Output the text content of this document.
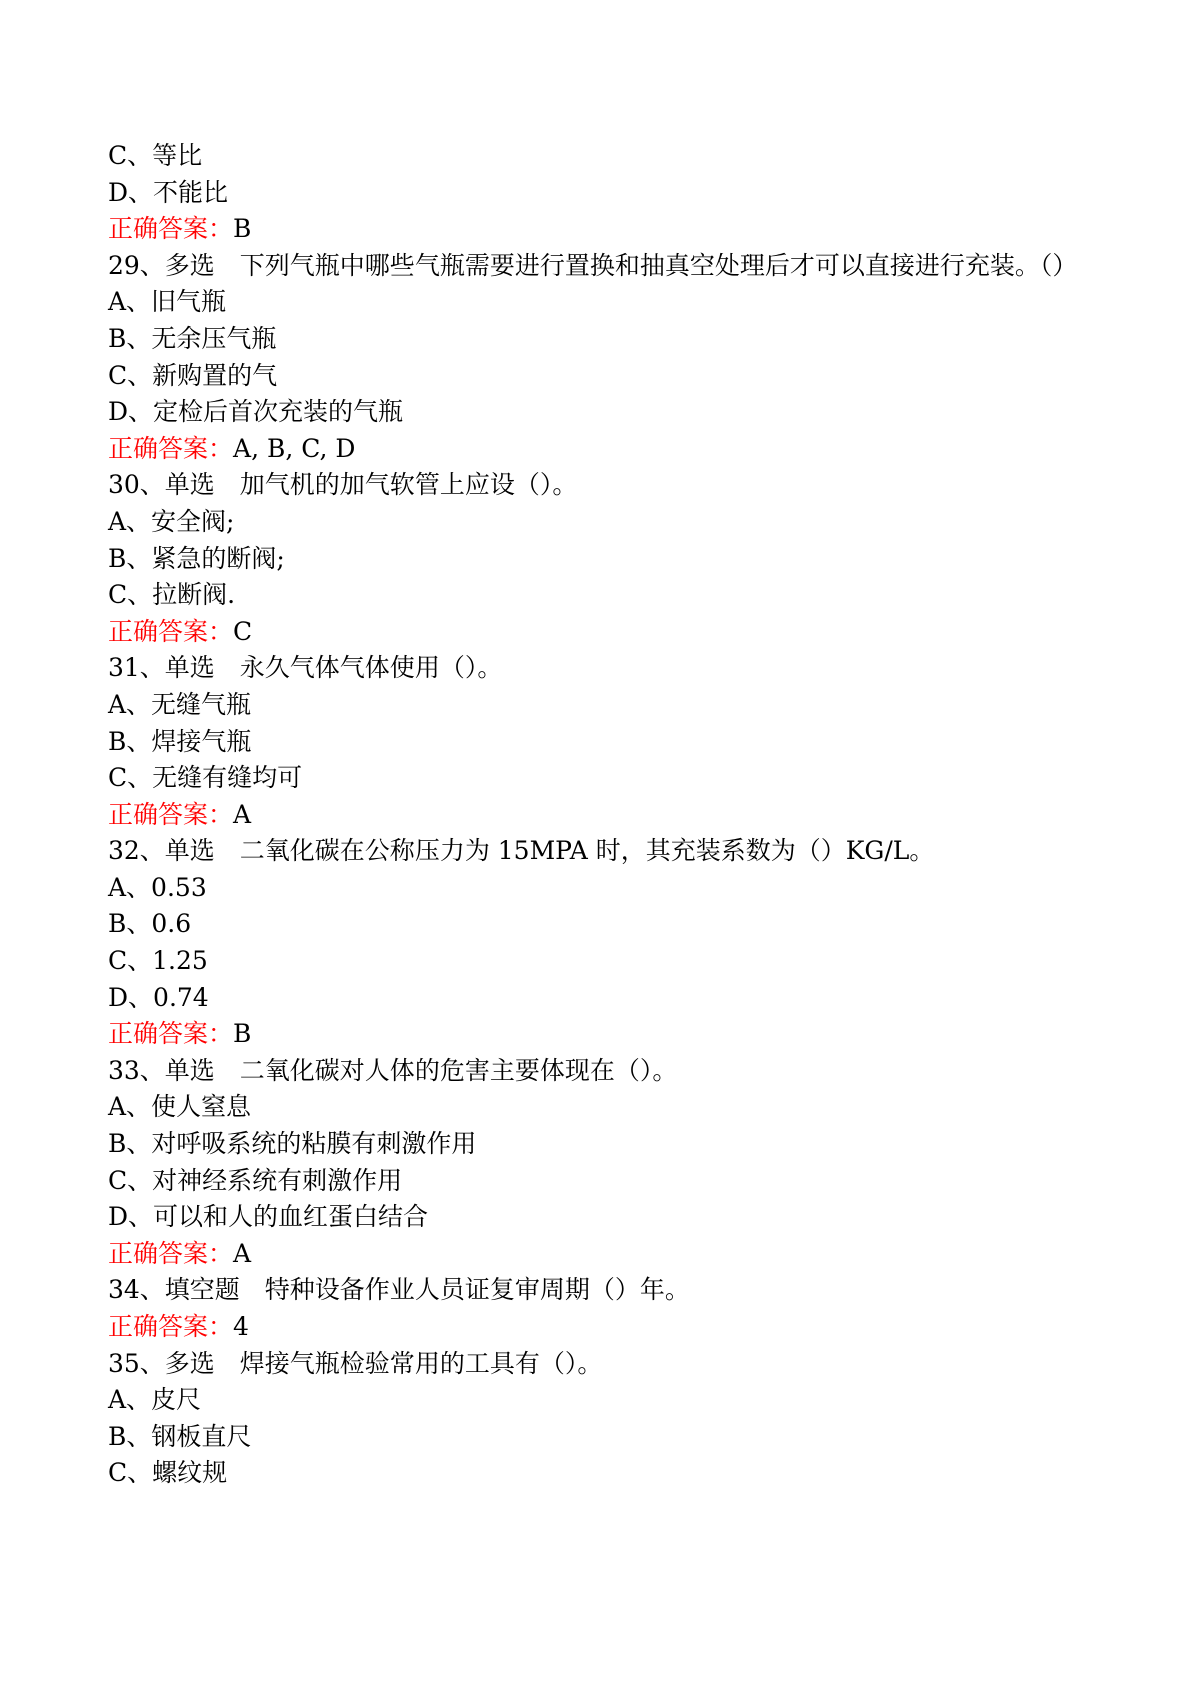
C、等比

D、不能比

正确答案：B

29、多选　下列气瓶中哪些气瓶需要进行置换和抽真空处理后才可以直接进行充装。（）

A、旧气瓶

B、无余压气瓶

C、新购置的气

D、定检后首次充装的气瓶

正确答案：A, B, C, D

30、单选　加气机的加气软管上应设（）。

A、安全阀;

B、紧急的断阀;

C、拉断阀.

正确答案：C

31、单选　永久气体气体使用（）。

A、无缝气瓶

B、焊接气瓶

C、无缝有缝均可

正确答案：A

32、单选　二氧化碳在公称压力为 15MPA 时，其充装系数为（）KG/L。

A、0.53

B、0.6

C、1.25

D、0.74

正确答案：B

33、单选　二氧化碳对人体的危害主要体现在（）。

A、使人窒息

B、对呼吸系统的粘膜有刺激作用

C、对神经系统有刺激作用

D、可以和人的血红蛋白结合

正确答案：A

34、填空题　特种设备作业人员证复审周期（）年。

正确答案：4

35、多选　焊接气瓶检验常用的工具有（）。

A、皮尺

B、钢板直尺

C、螺纹规
